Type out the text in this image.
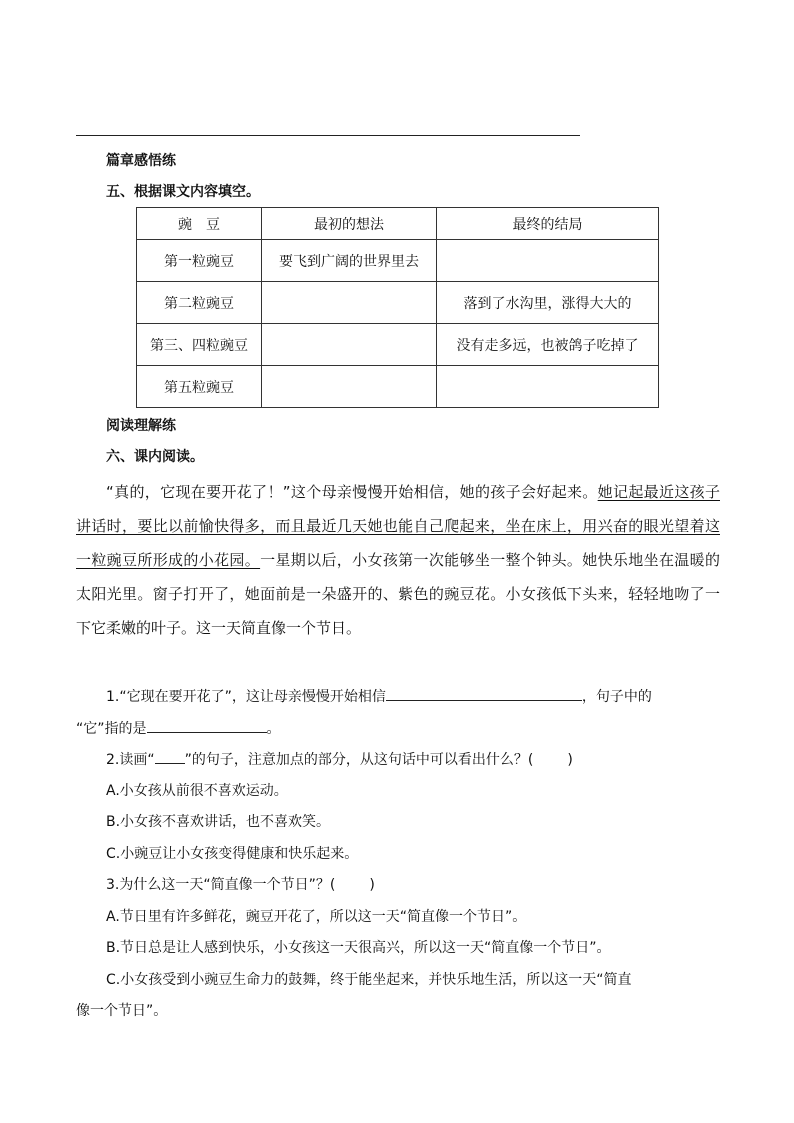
篇章感悟练
五、根据课文内容填空。
豌　豆	最初的想法	最终的结局
第一粒豌豆	要飞到广阔的世界里去	
第二粒豌豆		落到了水沟里，涨得大大的
第三、四粒豌豆		没有走多远，也被鸽子吃掉了
第五粒豌豆		
阅读理解练
六、课内阅读。
“真的，它现在要开花了！”这个母亲慢慢开始相信，她的孩子会好起来。她记起最近这孩子讲话时，要比以前愉快得多，而且最近几天她也能自己爬起来，坐在床上，用兴奋的眼光望着这一粒豌豆所形成的小花园。一星期以后，小女孩第一次能够坐一整个钟头。她快乐地坐在温暖的太阳光里。窗子打开了，她面前是一朵盛开的、紫色的豌豆花。小女孩低下头来，轻轻地吻了一下它柔嫩的叶子。这一天简直像一个节日。
1.“它现在要开花了”，这让母亲慢慢开始相信	，句子中的
“它”指的是	。
2.读画“ ”的句子，注意加点的部分，从这句话中可以看出什么？( )
A.小女孩从前很不喜欢运动。
B.小女孩不喜欢讲话，也不喜欢笑。
C.小豌豆让小女孩变得健康和快乐起来。
3.为什么这一天“简直像一个节日”？( )
A.节日里有许多鲜花，豌豆开花了，所以这一天“简直像一个节日”。
B.节日总是让人感到快乐，小女孩这一天很高兴，所以这一天“简直像一个节日”。
C.小女孩受到小豌豆生命力的鼓舞，终于能坐起来，并快乐地生活，所以这一天“简直
像一个节日”。
